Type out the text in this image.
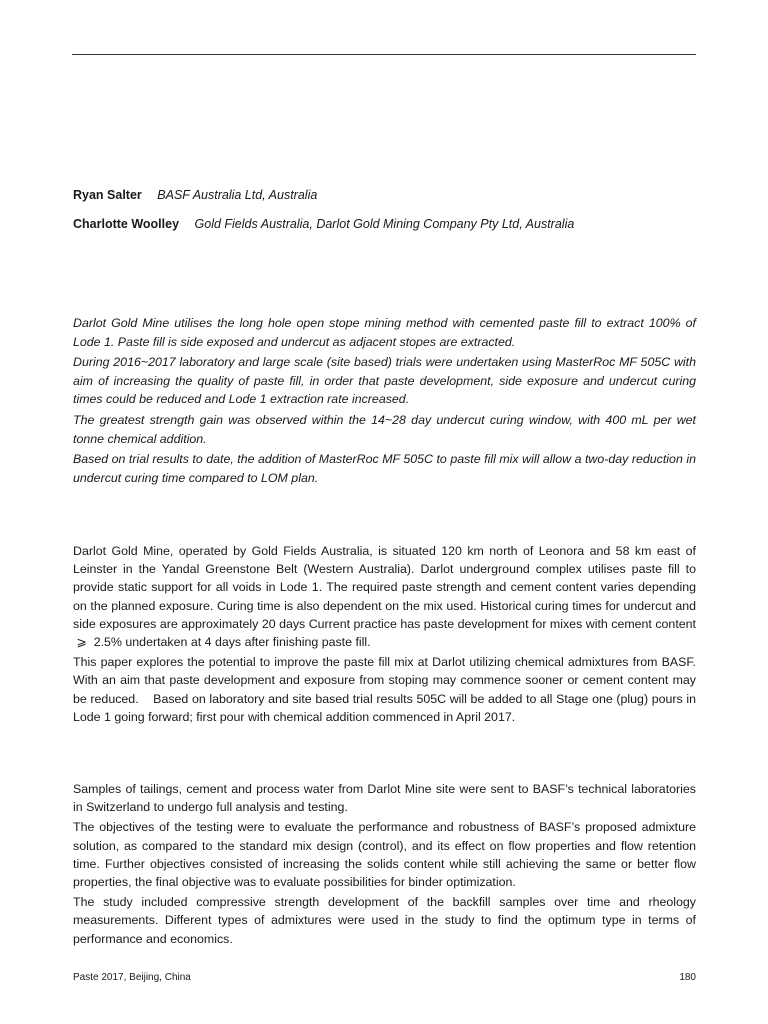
Ryan Salter BASF Australia Ltd, Australia
Charlotte Woolley Gold Fields Australia, Darlot Gold Mining Company Pty Ltd, Australia

Darlot Gold Mine utilises the long hole open stope mining method with cemented paste fill to extract 100% of Lode 1. Paste fill is side exposed and undercut as adjacent stopes are extracted.

During 2016~2017 laboratory and large scale (site based) trials were undertaken using MasterRoc MF 505C with aim of increasing the quality of paste fill, in order that paste development, side exposure and undercut curing times could be reduced and Lode 1 extraction rate increased.

The greatest strength gain was observed within the 14~28 day undercut curing window, with 400 mL per wet tonne chemical addition.

Based on trial results to date, the addition of MasterRoc MF 505C to paste fill mix will allow a two-day reduction in undercut curing time compared to LOM plan.

Darlot Gold Mine, operated by Gold Fields Australia, is situated 120 km north of Leonora and 58 km east of Leinster in the Yandal Greenstone Belt (Western Australia). Darlot underground complex utilises paste fill to provide static support for all voids in Lode 1. The required paste strength and cement content varies depending on the planned exposure. Curing time is also dependent on the mix used. Historical curing times for undercut and side exposures are approximately 20 days Current practice has paste development for mixes with cement content  ⩾  2.5% undertaken at 4 days after finishing paste fill.

This paper explores the potential to improve the paste fill mix at Darlot utilizing chemical admixtures from BASF. With an aim that paste development and exposure from stoping may commence sooner or cement content may be reduced.    Based on laboratory and site based trial results 505C will be added to all Stage one (plug) pours in Lode 1 going forward; first pour with chemical addition commenced in April 2017.

Samples of tailings, cement and process water from Darlot Mine site were sent to BASF’s technical laboratories in Switzerland to undergo full analysis and testing.

The objectives of the testing were to evaluate the performance and robustness of BASF’s proposed admixture solution, as compared to the standard mix design (control), and its effect on flow properties and flow retention time. Further objectives consisted of increasing the solids content while still achieving the same or better flow properties, the final objective was to evaluate possibilities for binder optimization.

The study included compressive strength development of the backfill samples over time and rheology measurements. Different types of admixtures were used in the study to find the optimum type in terms of performance and economics.

Paste 2017, Beijing, China	180
